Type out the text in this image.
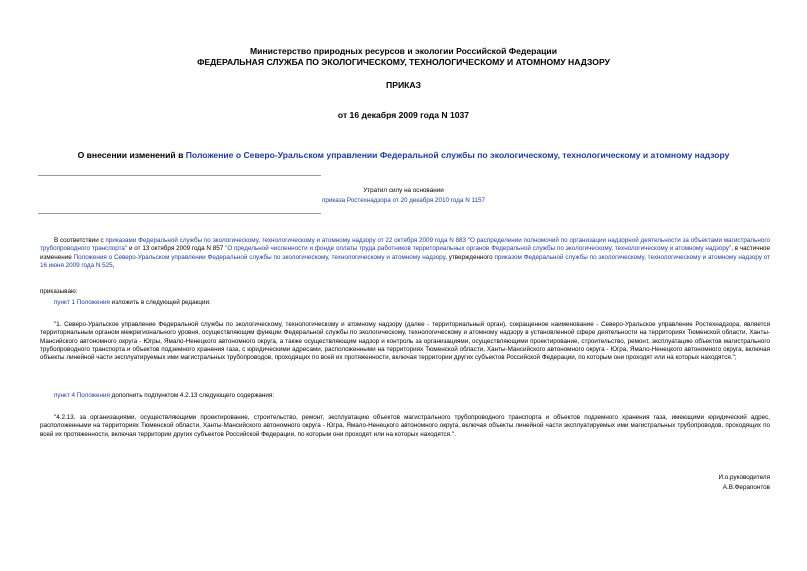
Министерство природных ресурсов и экологии Российской Федерации
ФЕДЕРАЛЬНАЯ СЛУЖБА ПО ЭКОЛОГИЧЕСКОМУ, ТЕХНОЛОГИЧЕСКОМУ И АТОМНОМУ НАДЗОРУ
ПРИКАЗ
от 16 декабря 2009 года N 1037
О внесении изменений в Положение о Северо-Уральском управлении Федеральной службы по экологическому, технологическому и атомному надзору
Утратил силу на основании
приказа Ростехнадзора от 20 декабря 2010 года N 1157
В соответствии с приказами Федеральной службы по экологическому, технологическому и атомному надзору от 22 октября 2009 года N 883 "О распределении полномочий по организации надзорной деятельности за объектами магистрального трубопроводного транспорта" и от 13 октября 2009 года N 857 "О предельной численности и фонде оплаты труда работников территориальных органов Федеральной службы по экологическому, технологическому и атомному надзору", в частичное изменение Положения о Северо-Уральском управлении Федеральной службы по экологическому, технологическому и атомному надзору, утвержденного приказом Федеральной службы по экологическому, технологическому и атомному надзору от 16 июня 2009 года N 525,
приказываю:
пункт 1 Положения изложить в следующей редакции:
"1. Северо-Уральское управление Федеральной службы по экологическому, технологическому и атомному надзору (далее - территориальный орган), сокращенное наименование - Северо-Уральское управление Ростехнадзора, является территориальным органом межрегионального уровня, осуществляющим функции Федеральной службы по экологическому, технологическому и атомному надзору в установленной сфере деятельности на территориях Тюменской области, Ханты-Мансийского автономного округа - Югры, Ямало-Ненецкого автономного округа, а также осуществляющим надзор и контроль за организациями, осуществляющими проектирование, строительство, ремонт, эксплуатацию объектов магистрального трубопроводного транспорта и объектов подземного хранения газа, с юридическими адресами, расположенными на территориях Тюменской области, Ханты-Мансийского автономного округа - Югра, Ямало-Ненецкого автономного округа, включая объекты линейной части эксплуатируемых ими магистральных трубопроводов, проходящих по всей их протяженности, включая территории других субъектов Российской Федерации, по которым они проходят или на которых находятся.";
пункт 4 Положения дополнить подпунктом 4.2.13 следующего содержания:
"4.2.13. за организациями, осуществляющими проектирование, строительство, ремонт, эксплуатацию объектов магистрального трубопроводного транспорта и объектов подземного хранения газа, имеющими юридический адрес, расположенными на территориях Тюменской области, Ханты-Мансийского автономного округа - Югра, Ямало-Ненецкого автономного округа, включая объекты линейной части эксплуатируемых ими магистральных трубопроводов, проходящих по всей их протяженности, включая территории других субъектов Российской Федерации, по которым они проходят или на которых находятся.".
И.о.руководителя
А.В.Ферапонтов
